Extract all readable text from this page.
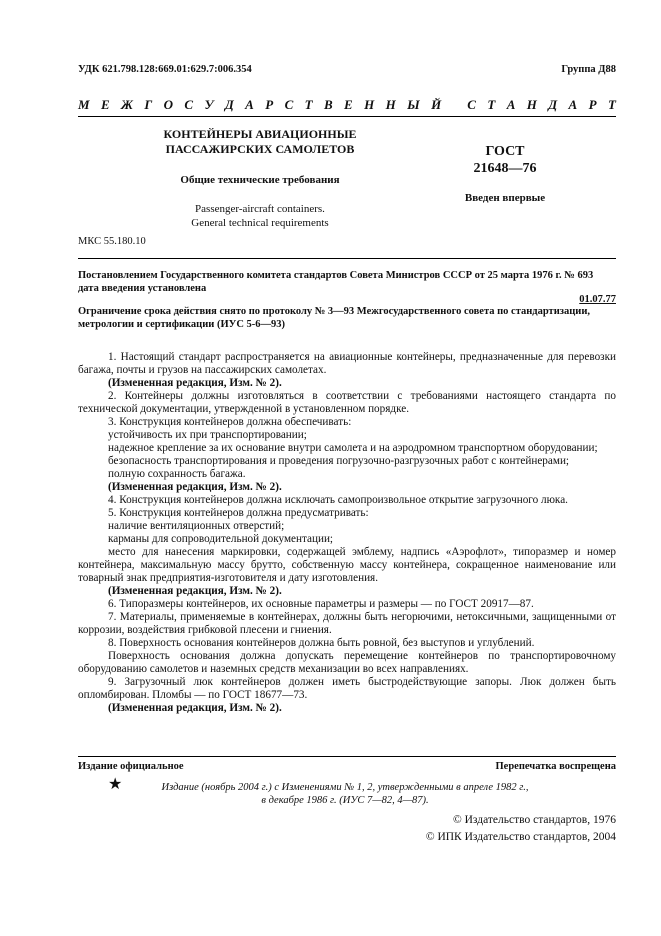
УДК 621.798.128:669.01:629.7:006.354	Группа Д88
М Е Ж Г О С У Д А Р С Т В Е Н Н Ы Й
С Т А Н Д А Р Т
КОНТЕЙНЕРЫ АВИАЦИОННЫЕ
ПАССАЖИРСКИХ САМОЛЕТОВ
Общие технические требования
Passenger-aircraft containers.
General technical requirements
ГОСТ
21648—76
Введен впервые
МКС 55.180.10
Постановлением Государственного комитета стандартов Совета Министров СССР от 25 марта 1976 г. № 693 дата введения установлена
01.07.77
Ограничение срока действия снято по протоколу № 3—93 Межгосударственного совета по стандартизации, метрологии и сертификации (ИУС 5-6—93)

1. Настоящий стандарт распространяется на авиационные контейнеры, предназначенные для перевозки багажа, почты и грузов на пассажирских самолетах.

(Измененная редакция, Изм. № 2).

2. Контейнеры должны изготовляться в соответствии с требованиями настоящего стандарта по технической документации, утвержденной в установленном порядке.

3. Конструкция контейнеров должна обеспечивать:

устойчивость их при транспортировании;

надежное крепление за их основание внутри самолета и на аэродромном транспортном оборудовании;

безопасность транспортирования и проведения погрузочно-разгрузочных работ с контейнерами;

полную сохранность багажа.

(Измененная редакция, Изм. № 2).

4. Конструкция контейнеров должна исключать самопроизвольное открытие загрузочного люка.

5. Конструкция контейнеров должна предусматривать:

наличие вентиляционных отверстий;

карманы для сопроводительной документации;

место для нанесения маркировки, содержащей эмблему, надпись «Аэрофлот», типоразмер и номер контейнера, максимальную массу брутто, собственную массу контейнера, сокращенное наименование или товарный знак предприятия-изготовителя и дату изготовления.

(Измененная редакция, Изм. № 2).

6. Типоразмеры контейнеров, их основные параметры и размеры — по ГОСТ 20917—87.

7. Материалы, применяемые в контейнерах, должны быть негорючими, нетоксичными, защищенными от коррозии, воздействия грибковой плесени и гниения.

8. Поверхность основания контейнеров должна быть ровной, без выступов и углублений.

Поверхность основания должна допускать перемещение контейнеров по транспортировочному оборудованию самолетов и наземных средств механизации во всех направлениях.

9. Загрузочный люк контейнеров должен иметь быстродействующие запоры. Люк должен быть опломбирован. Пломбы — по ГОСТ 18677—73.

(Измененная редакция, Изм. № 2).

Издание официальное	Перепечатка воспрещена
★	Издание (ноябрь 2004 г.) с Изменениями № 1, 2, утвержденными в апреле 1982 г.,
в декабре 1986 г. (ИУС 7—82, 4—87).
© Издательство стандартов, 1976
© ИПК Издательство стандартов, 2004
